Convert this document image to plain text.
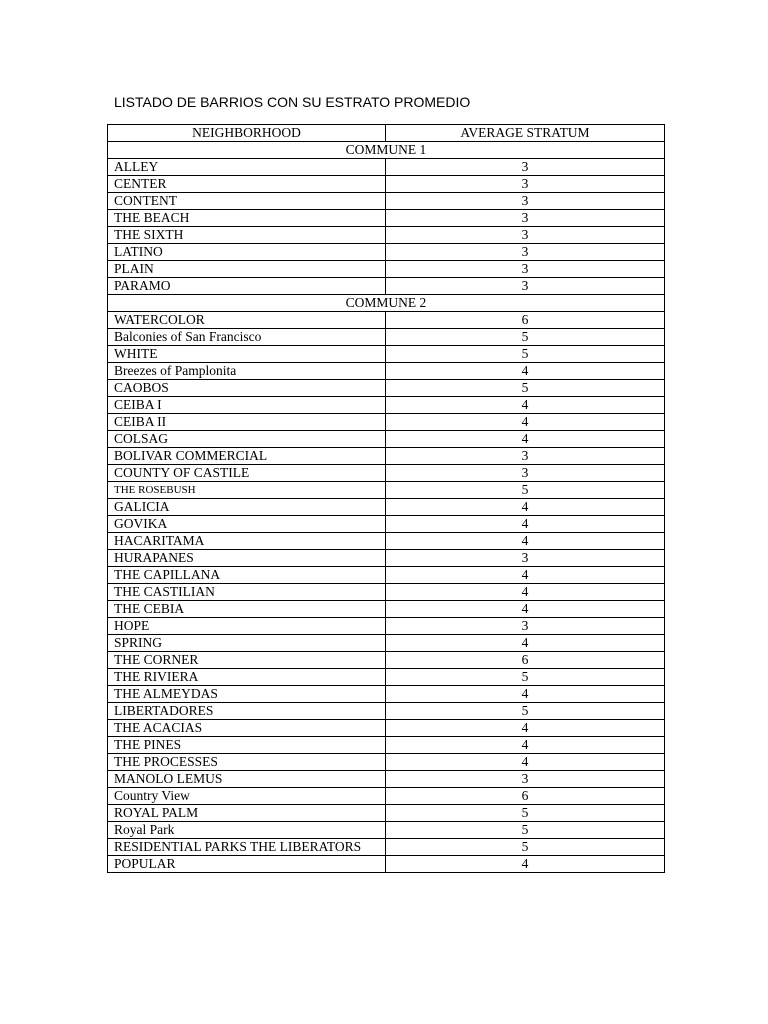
LISTADO DE BARRIOS CON SU ESTRATO PROMEDIO
NEIGHBORHOOD	AVERAGE STRATUM
COMMUNE 1	
ALLEY	3
CENTER	3
CONTENT	3
THE BEACH	3
THE SIXTH	3
LATINO	3
PLAIN	3
PARAMO	3
COMMUNE 2	
WATERCOLOR	6
Balconies of San Francisco	5
WHITE	5
Breezes of Pamplonita	4
CAOBOS	5
CEIBA I	4
CEIBA II	4
COLSAG	4
BOLIVAR COMMERCIAL	3
COUNTY OF CASTILE	3
THE ROSEBUSH	5
GALICIA	4
GOVIKA	4
HACARITAMA	4
HURAPANES	3
THE CAPILLANA	4
THE CASTILIAN	4
THE CEBIA	4
HOPE	3
SPRING	4
THE CORNER	6
THE RIVIERA	5
THE ALMEYDAS	4
LIBERTADORES	5
THE ACACIAS	4
THE PINES	4
THE PROCESSES	4
MANOLO LEMUS	3
Country View	6
ROYAL PALM	5
Royal Park	5
RESIDENTIAL PARKS THE LIBERATORS	5
POPULAR	4
